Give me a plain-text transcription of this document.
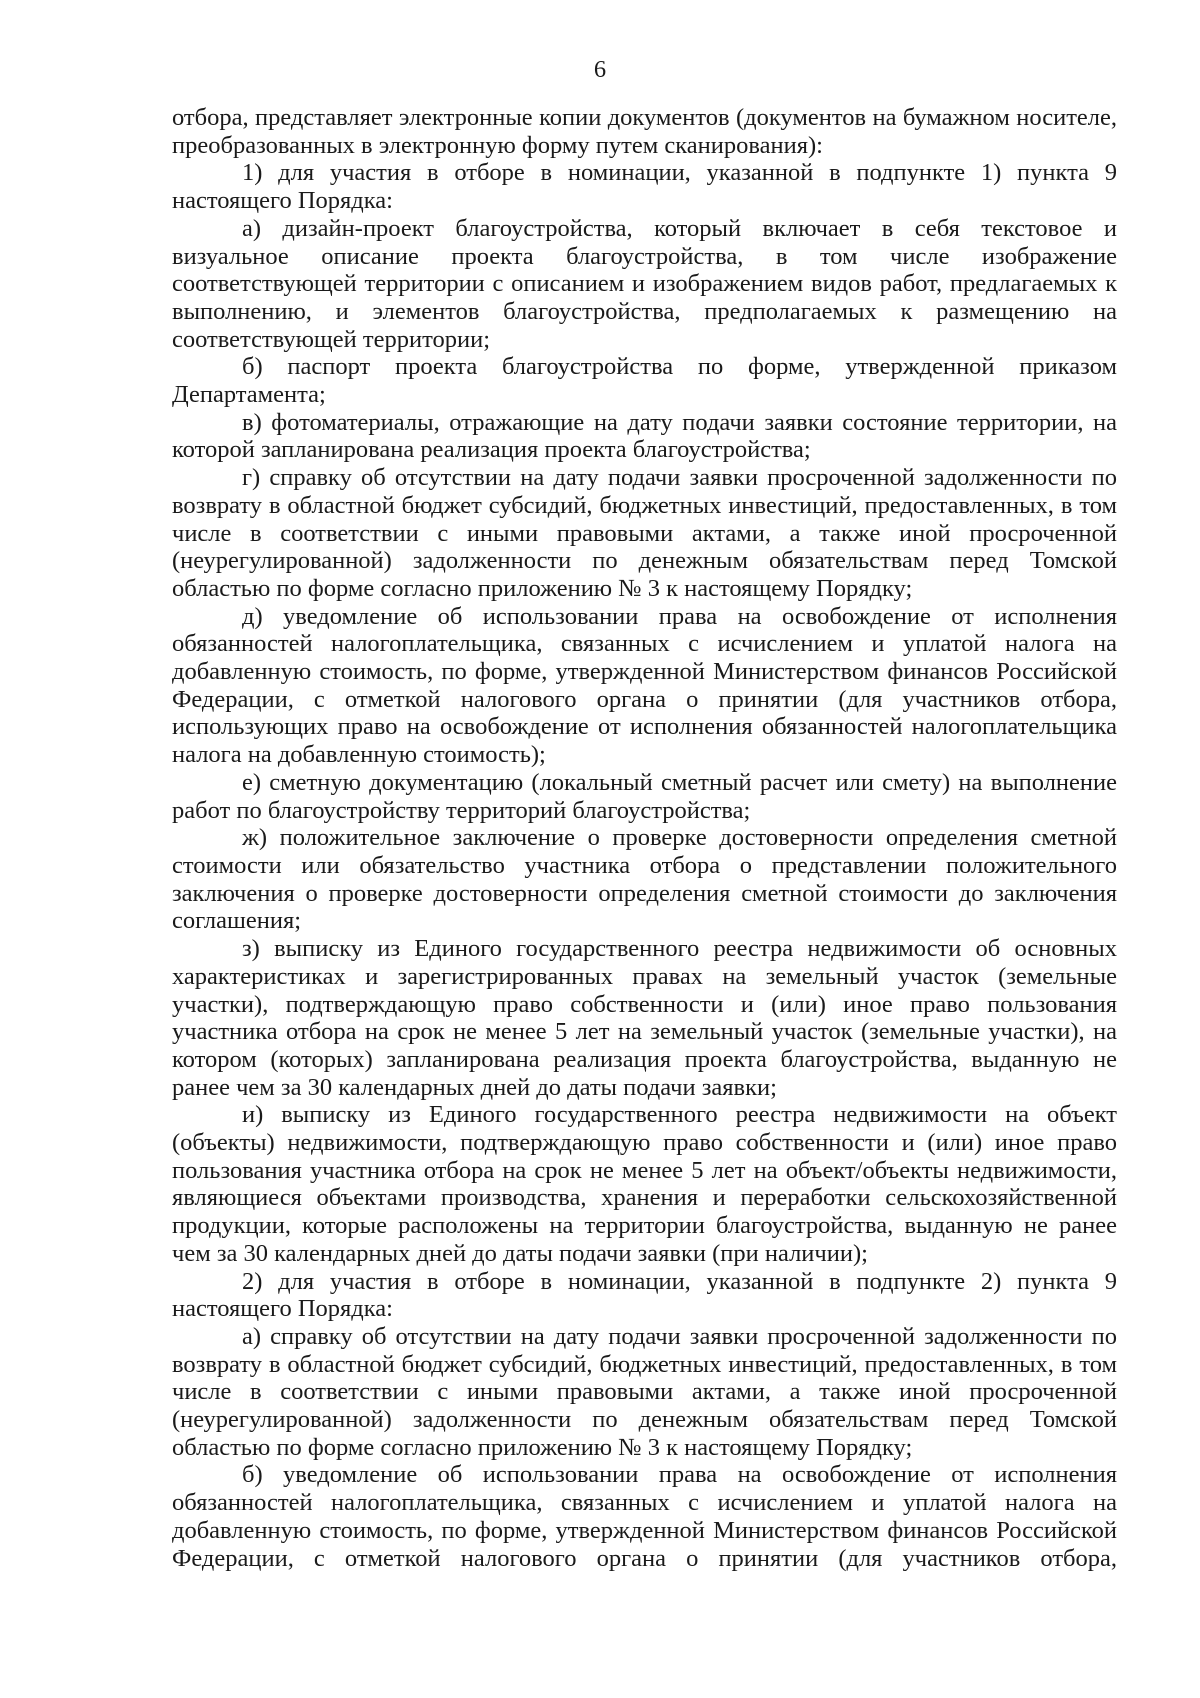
6

отбора, представляет электронные копии документов (документов на бумажном носителе, преобразованных в электронную форму путем сканирования):

1) для участия в отборе в номинации, указанной в подпункте 1) пункта 9 настоящего Порядка:

а) дизайн-проект благоустройства, который включает в себя текстовое и визуальное описание проекта благоустройства, в том числе изображение соответствующей территории с описанием и изображением видов работ, предлагаемых к выполнению, и элементов благоустройства, предполагаемых к размещению на соответствующей территории;

б) паспорт проекта благоустройства по форме, утвержденной приказом Департамента;

в) фотоматериалы, отражающие на дату подачи заявки состояние территории, на которой запланирована реализация проекта благоустройства;

г) справку об отсутствии на дату подачи заявки просроченной задолженности по возврату в областной бюджет субсидий, бюджетных инвестиций, предоставленных, в том числе в соответствии с иными правовыми актами, а также иной просроченной (неурегулированной) задолженности по денежным обязательствам перед Томской областью по форме согласно приложению № 3 к настоящему Порядку;

д) уведомление об использовании права на освобождение от исполнения обязанностей налогоплательщика, связанных с исчислением и уплатой налога на добавленную стоимость, по форме, утвержденной Министерством финансов Российской Федерации, с отметкой налогового органа о принятии (для участников отбора, использующих право на освобождение от исполнения обязанностей налогоплательщика налога на добавленную стоимость);

е) сметную документацию (локальный сметный расчет или смету) на выполнение работ по благоустройству территорий благоустройства;

ж) положительное заключение о проверке достоверности определения сметной стоимости или обязательство участника отбора о представлении положительного заключения о проверке достоверности определения сметной стоимости до заключения соглашения;

з) выписку из Единого государственного реестра недвижимости об основных характеристиках и зарегистрированных правах на земельный участок (земельные участки), подтверждающую право собственности и (или) иное право пользования участника отбора на срок не менее 5 лет на земельный участок (земельные участки), на котором (которых) запланирована реализация проекта благоустройства, выданную не ранее чем за 30 календарных дней до даты подачи заявки;

и) выписку из Единого государственного реестра недвижимости на объект (объекты) недвижимости, подтверждающую право собственности и (или) иное право пользования участника отбора на срок не менее 5 лет на объект/объекты недвижимости, являющиеся объектами производства, хранения и переработки сельскохозяйственной продукции, которые расположены на территории благоустройства, выданную не ранее чем за 30 календарных дней до даты подачи заявки (при наличии);

2) для участия в отборе в номинации, указанной в подпункте 2) пункта 9 настоящего Порядка:

а) справку об отсутствии на дату подачи заявки просроченной задолженности по возврату в областной бюджет субсидий, бюджетных инвестиций, предоставленных, в том числе в соответствии с иными правовыми актами, а также иной просроченной (неурегулированной) задолженности по денежным обязательствам перед Томской областью по форме согласно приложению № 3 к настоящему Порядку;

б) уведомление об использовании права на освобождение от исполнения обязанностей налогоплательщика, связанных с исчислением и уплатой налога на добавленную стоимость, по форме, утвержденной Министерством финансов Российской Федерации, с отметкой налогового органа о принятии (для участников отбора,
